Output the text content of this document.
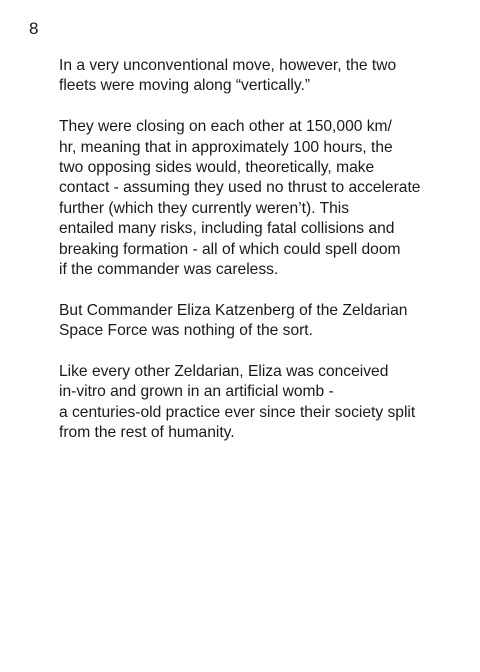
8

In a very unconventional move, however, the two
fleets were moving along “vertically.”

They were closing on each other at 150,000 km/
hr, meaning that in approximately 100 hours, the
two opposing sides would, theoretically, make
contact - assuming they used no thrust to accelerate
further (which they currently weren’t). This
entailed many risks, including fatal collisions and
breaking formation - all of which could spell doom
if the commander was careless.

But Commander Eliza Katzenberg of the Zeldarian
Space Force was nothing of the sort.

Like every other Zeldarian, Eliza was conceived
in-vitro and grown in an artificial womb -
a centuries-old practice ever since their society split
from the rest of humanity.
